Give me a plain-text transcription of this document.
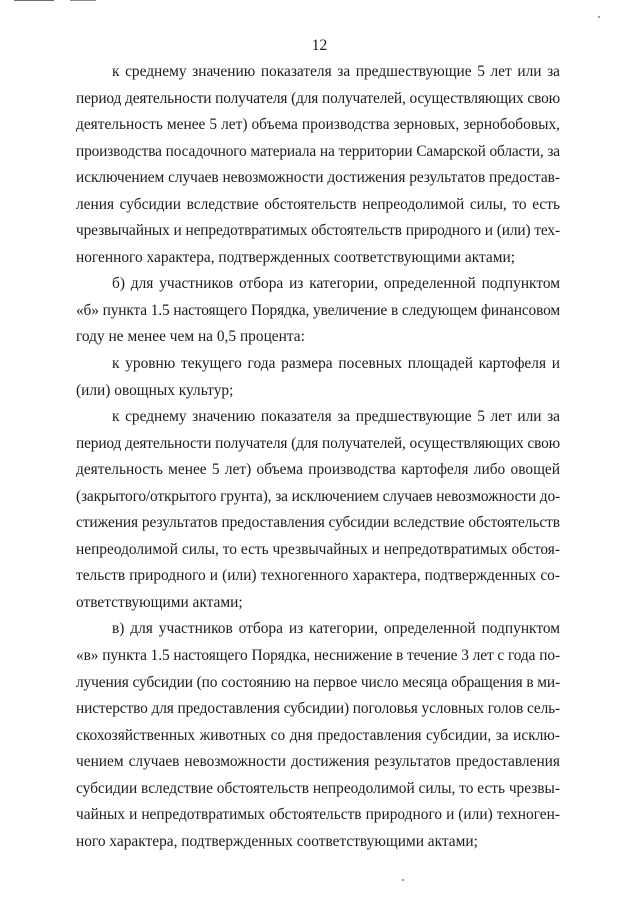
12
к среднему значению показателя за предшествующие 5 лет или за
период деятельности получателя (для получателей, осуществляющих свою
деятельность менее 5 лет) объема производства зерновых, зернобобовых,
производства посадочного материала на территории Самарской области, за
исключением случаев невозможности достижения результатов предостав-
ления субсидии вследствие обстоятельств непреодолимой силы, то есть
чрезвычайных и непредотвратимых обстоятельств природного и (или) тех-
ногенного характера, подтвержденных соответствующими актами;
б) для участников отбора из категории, определенной подпунктом
«б» пункта 1.5 настоящего Порядка, увеличение в следующем финансовом
году не менее чем на 0,5 процента:
к уровню текущего года размера посевных площадей картофеля и
(или) овощных культур;
к среднему значению показателя за предшествующие 5 лет или за
период деятельности получателя (для получателей, осуществляющих свою
деятельность менее 5 лет) объема производства картофеля либо овощей
(закрытого/открытого грунта), за исключением случаев невозможности до-
стижения результатов предоставления субсидии вследствие обстоятельств
непреодолимой силы, то есть чрезвычайных и непредотвратимых обстоя-
тельств природного и (или) техногенного характера, подтвержденных со-
ответствующими актами;
в) для участников отбора из категории, определенной подпунктом
«в» пункта 1.5 настоящего Порядка, неснижение в течение 3 лет с года по-
лучения субсидии (по состоянию на первое число месяца обращения в ми-
нистерство для предоставления субсидии) поголовья условных голов сель-
скохозяйственных животных со дня предоставления субсидии, за исклю-
чением случаев невозможности достижения результатов предоставления
субсидии вследствие обстоятельств непреодолимой силы, то есть чрезвы-
чайных и непредотвратимых обстоятельств природного и (или) техноген-
ного характера, подтвержденных соответствующими актами;
